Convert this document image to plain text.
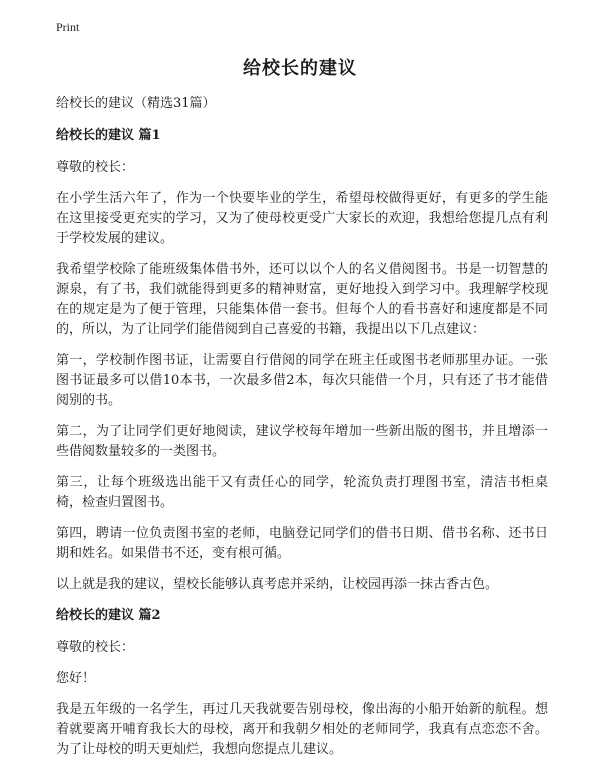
Print
给校长的建议

给校长的建议（精选31篇）

给校长的建议 篇1

尊敬的校长：

在小学生活六年了，作为一个快要毕业的学生，希望母校做得更好，有更多的学生能在这里接受更充实的学习，又为了使母校更受广大家长的欢迎，我想给您提几点有利于学校发展的建议。

我希望学校除了能班级集体借书外，还可以以个人的名义借阅图书。书是一切智慧的源泉，有了书，我们就能得到更多的精神财富，更好地投入到学习中。我理解学校现在的规定是为了便于管理，只能集体借一套书。但每个人的看书喜好和速度都是不同的，所以，为了让同学们能借阅到自己喜爱的书籍，我提出以下几点建议：

第一，学校制作图书证，让需要自行借阅的同学在班主任或图书老师那里办证。一张图书证最多可以借10本书，一次最多借2本，每次只能借一个月，只有还了书才能借阅别的书。

第二，为了让同学们更好地阅读，建议学校每年增加一些新出版的图书，并且增添一些借阅数量较多的一类图书。

第三，让每个班级选出能干又有责任心的同学，轮流负责打理图书室，清洁书柜桌椅，检查归置图书。

第四，聘请一位负责图书室的老师，电脑登记同学们的借书日期、借书名称、还书日期和姓名。如果借书不还，变有根可循。

以上就是我的建议，望校长能够认真考虑并采纳，让校园再添一抹古香古色。

给校长的建议 篇2

尊敬的校长：

您好！

我是五年级的一名学生，再过几天我就要告别母校，像出海的小船开始新的航程。想着就要离开哺育我长大的母校，离开和我朝夕相处的老师同学，我真有点恋恋不舍。为了让母校的明天更灿烂，我想向您提点儿建议。
